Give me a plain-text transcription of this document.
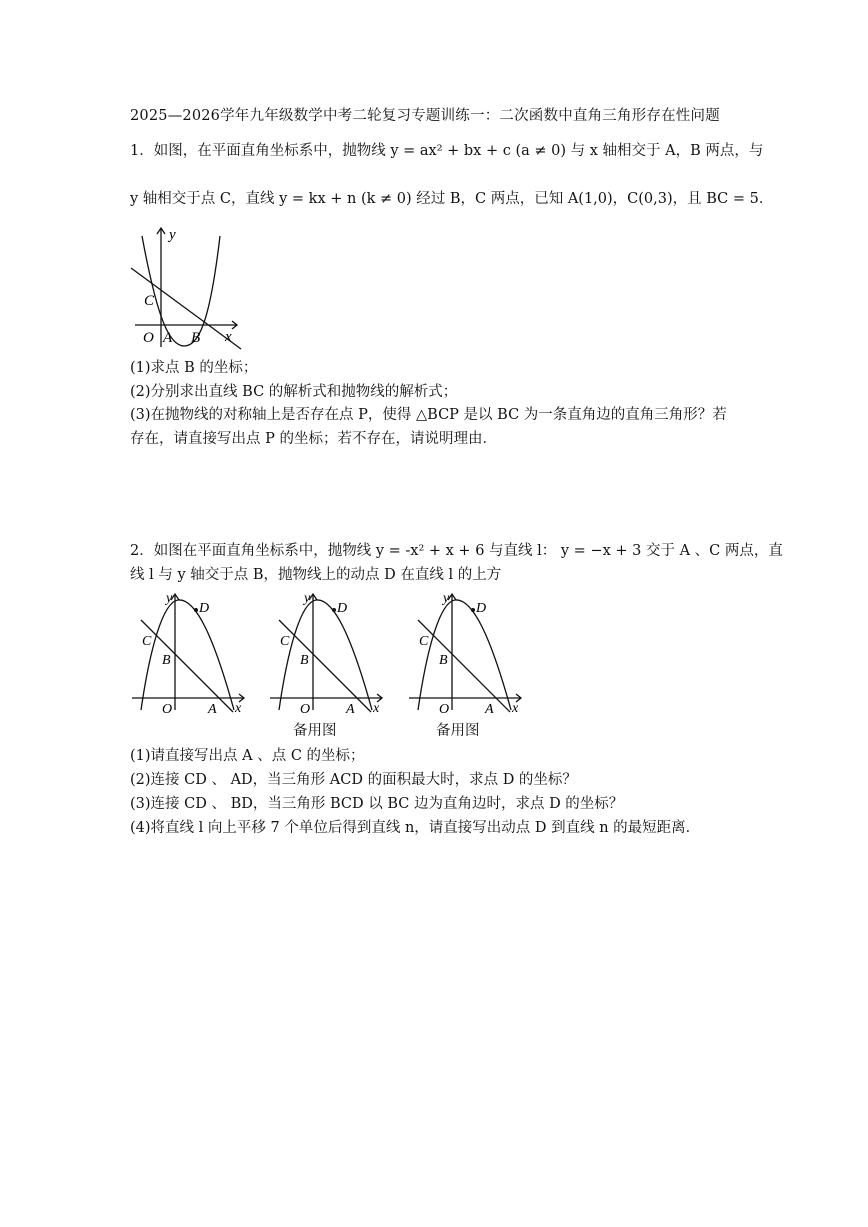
2025—2026学年九年级数学中考二轮复习专题训练一：二次函数中直角三角形存在性问题
1．如图，在平面直角坐标系中，抛物线 y = ax² + bx + c (a ≠ 0) 与 x 轴相交于 A，B 两点，与
y 轴相交于点 C，直线 y = kx + n (k ≠ 0) 经过 B，C 两点，已知 A(1,0)，C(0,3)，且 BC = 5．
y
x
O A B
C
(1)求点 B 的坐标；
(2)分别求出直线 BC 的解析式和抛物线的解析式；
(3)在抛物线的对称轴上是否存在点 P，使得 △BCP 是以 BC 为一条直角边的直角三角形？若
存在，请直接写出点 P 的坐标；若不存在，请说明理由．
2．如图在平面直角坐标系中，抛物线 y = -x² + x + 6 与直线 l： y = −x + 3 交于 A 、C 两点，直
线 l 与 y 轴交于点 B，抛物线上的动点 D 在直线 l 的上方
y
x
O	A
B
C
D
y
x
O	A
B
C
D
y
x
O	A
B
C
D
备用图	备用图
(1)请直接写出点 A 、点 C 的坐标；
(2)连接 CD 、 AD，当三角形 ACD 的面积最大时，求点 D 的坐标？
(3)连接 CD 、 BD，当三角形 BCD 以 BC 边为直角边时，求点 D 的坐标？
(4)将直线 l 向上平移 7 个单位后得到直线 n，请直接写出动点 D 到直线 n 的最短距离．
